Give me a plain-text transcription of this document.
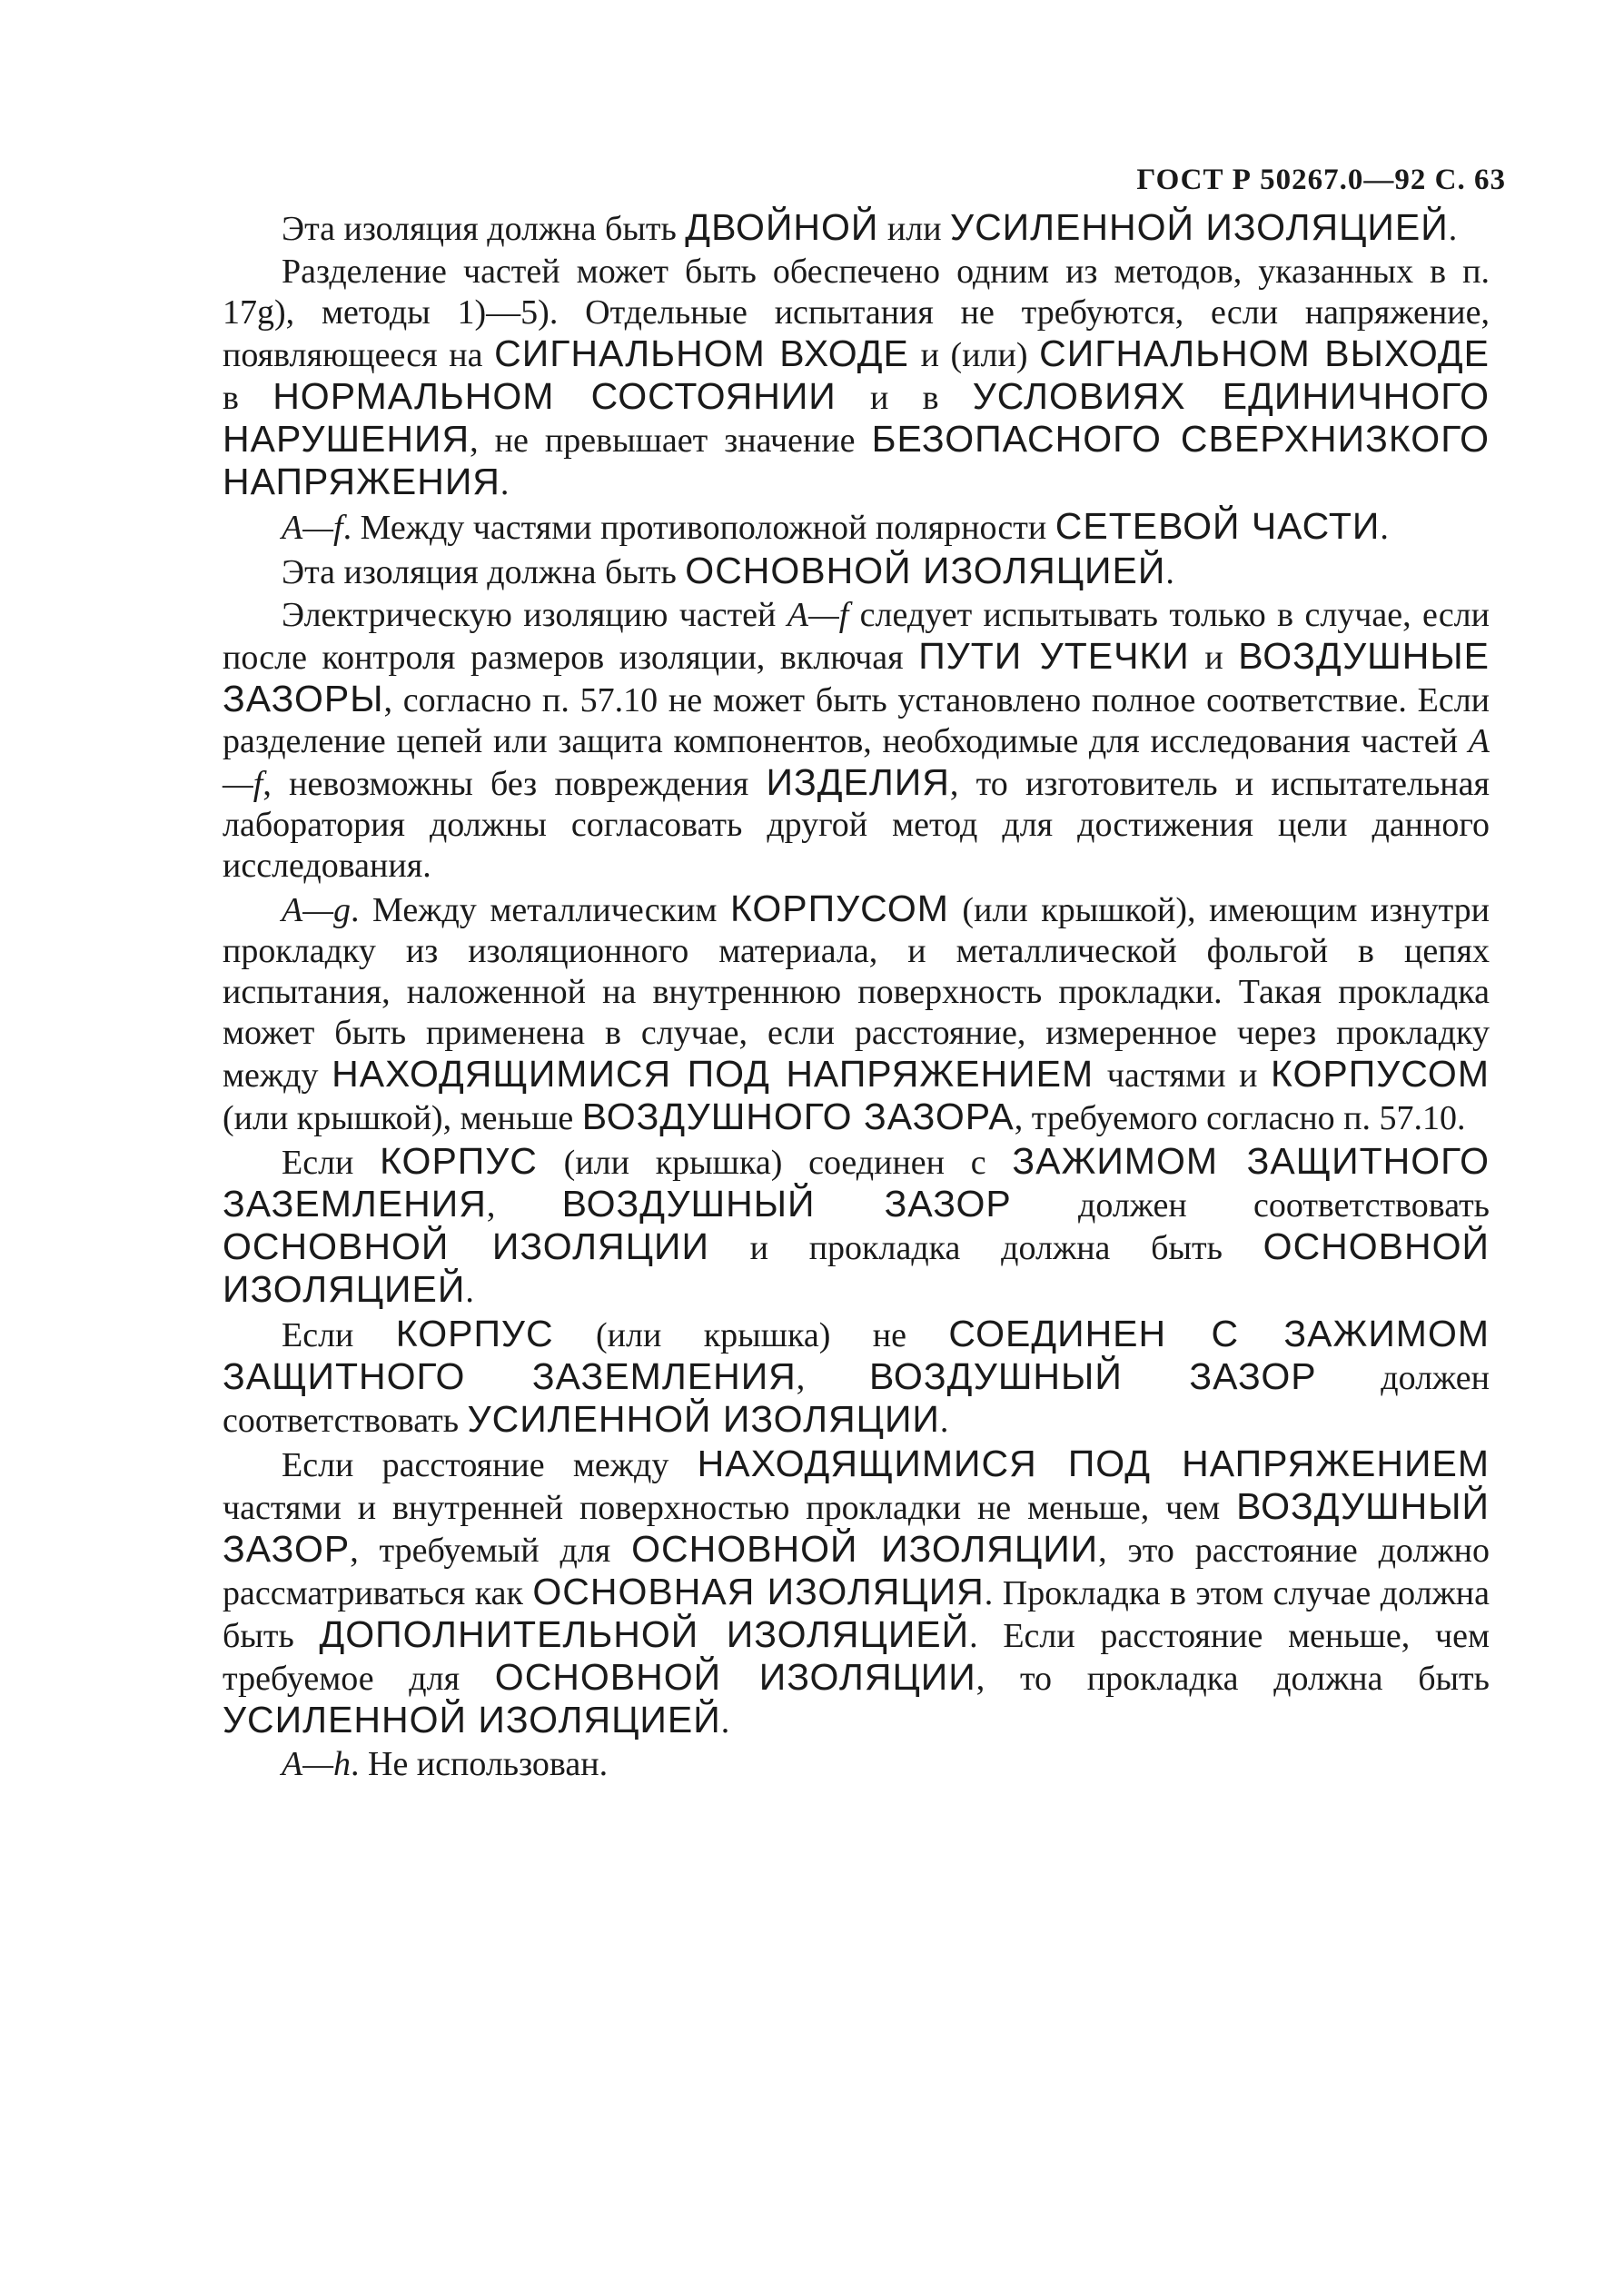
ГОСТ Р 50267.0—92 С. 63

Эта изоляция должна быть ДВОЙНОЙ или УСИЛЕННОЙ ИЗОЛЯЦИЕЙ.

Разделение частей может быть обеспечено одним из методов, указанных в п. 17g), методы 1)—5). Отдельные испытания не требуются, если напряжение, появляющееся на СИГНАЛЬНОМ ВХОДЕ и (или) СИГНАЛЬНОМ ВЫХОДЕ в НОРМАЛЬНОМ СОСТОЯНИИ и в УСЛОВИЯХ ЕДИНИЧНОГО НАРУШЕНИЯ, не превышает значение БЕЗОПАСНОГО СВЕРХНИЗКОГО НАПРЯЖЕНИЯ.

A—f. Между частями противоположной полярности СЕТЕВОЙ ЧАСТИ.

Эта изоляция должна быть ОСНОВНОЙ ИЗОЛЯЦИЕЙ.

Электрическую изоляцию частей A—f следует испытывать только в случае, если после контроля размеров изоляции, включая ПУТИ УТЕЧКИ и ВОЗДУШНЫЕ ЗАЗОРЫ, согласно п. 57.10 не может быть установлено полное соответствие. Если разделение цепей или защита компонентов, необходимые для исследования частей A—f, невозможны без повреждения ИЗДЕЛИЯ, то изготовитель и испытательная лаборатория должны согласовать другой метод для достижения цели данного исследования.

A—g. Между металлическим КОРПУСОМ (или крышкой), имеющим изнутри прокладку из изоляционного материала, и металлической фольгой в цепях испытания, наложенной на внутреннюю поверхность прокладки. Такая прокладка может быть применена в случае, если расстояние, измеренное через прокладку между НАХОДЯЩИМИСЯ ПОД НАПРЯЖЕНИЕМ частями и КОРПУСОМ (или крышкой), меньше ВОЗДУШНОГО ЗАЗОРА, требуемого согласно п. 57.10.

Если КОРПУС (или крышка) соединен с ЗАЖИМОМ ЗАЩИТНОГО ЗАЗЕМЛЕНИЯ, ВОЗДУШНЫЙ ЗАЗОР должен соответствовать ОСНОВНОЙ ИЗОЛЯЦИИ и прокладка должна быть ОСНОВНОЙ ИЗОЛЯЦИЕЙ.

Если КОРПУС (или крышка) не СОЕДИНЕН С ЗАЖИМОМ ЗАЩИТНОГО ЗАЗЕМЛЕНИЯ, ВОЗДУШНЫЙ ЗАЗОР должен соответствовать УСИЛЕННОЙ ИЗОЛЯЦИИ.

Если расстояние между НАХОДЯЩИМИСЯ ПОД НАПРЯЖЕНИЕМ частями и внутренней поверхностью прокладки не меньше, чем ВОЗДУШНЫЙ ЗАЗОР, требуемый для ОСНОВНОЙ ИЗОЛЯЦИИ, это расстояние должно рассматриваться как ОСНОВНАЯ ИЗОЛЯЦИЯ. Прокладка в этом случае должна быть ДОПОЛНИТЕЛЬНОЙ ИЗОЛЯЦИЕЙ. Если расстояние меньше, чем требуемое для ОСНОВНОЙ ИЗОЛЯЦИИ, то прокладка должна быть УСИЛЕННОЙ ИЗОЛЯЦИЕЙ.

A—h. Не использован.
